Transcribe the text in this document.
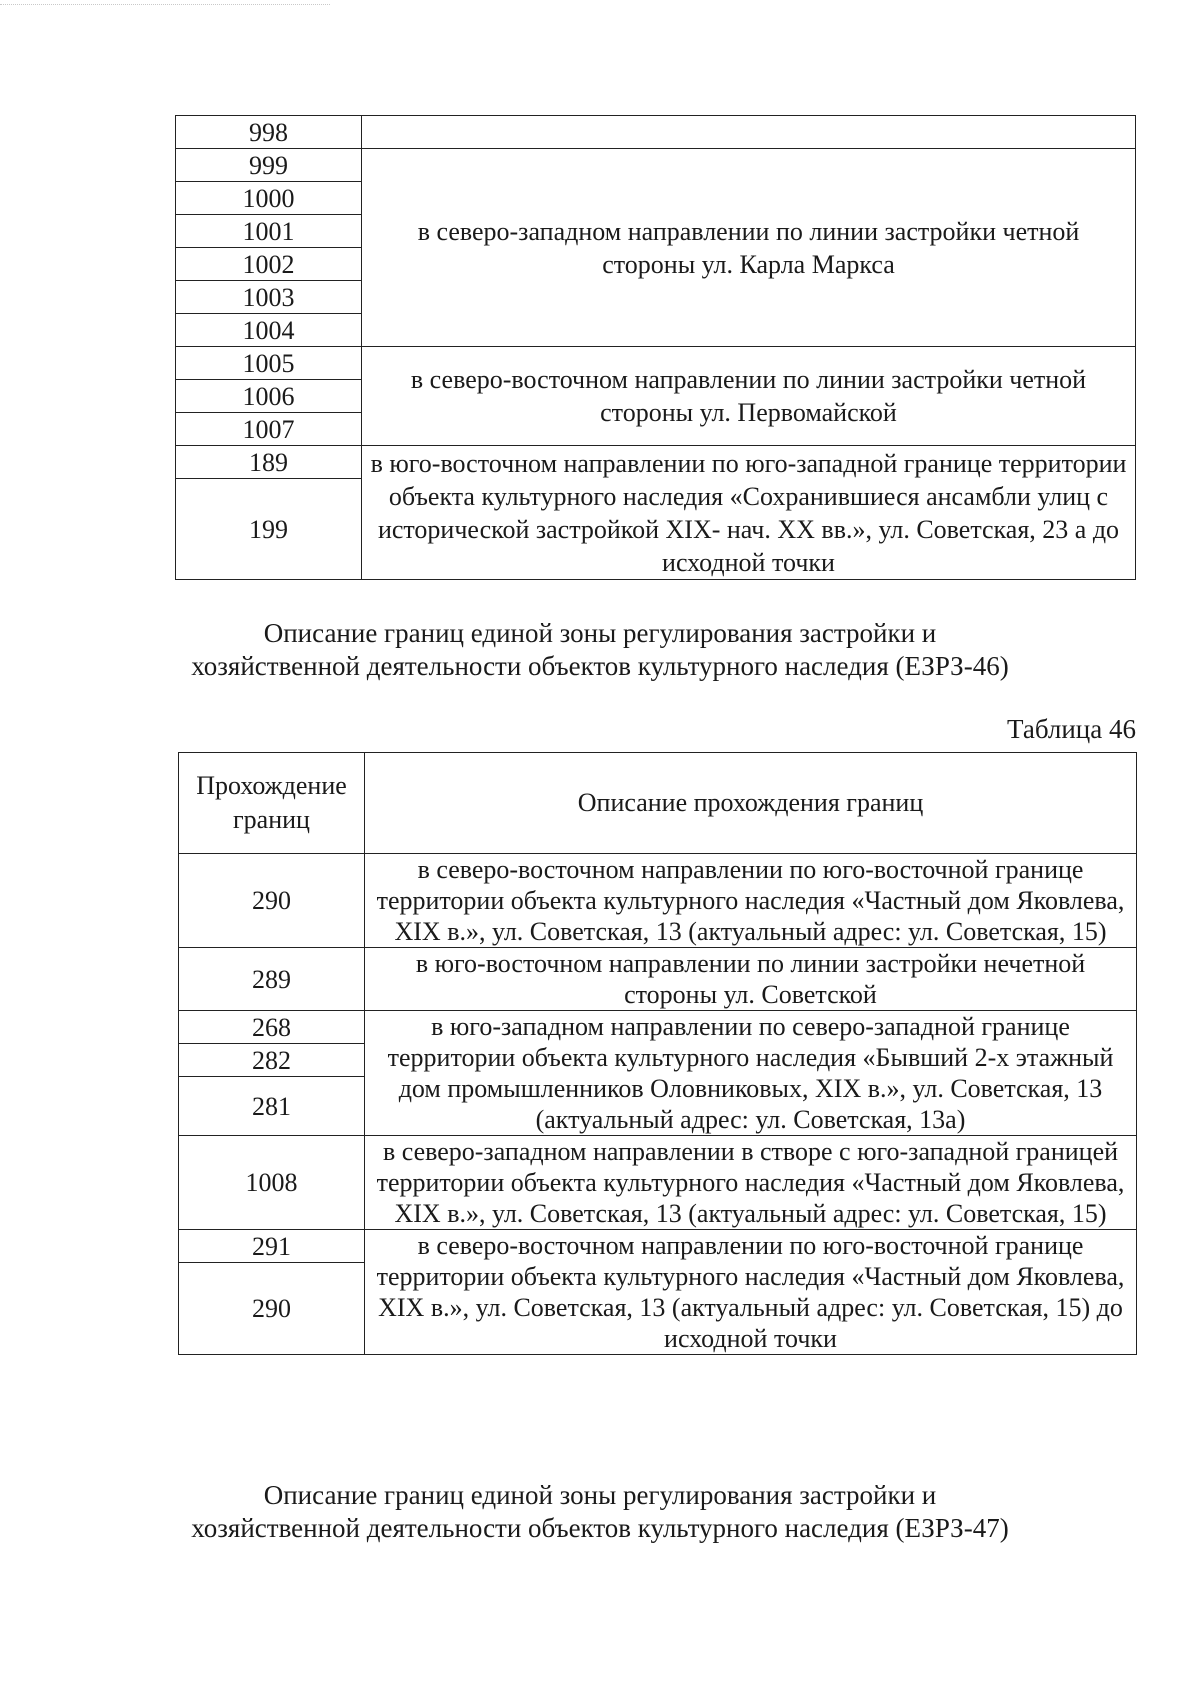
998	
999	в северо-западном направлении по линии застройки четной стороны ул. Карла Маркса
1000	
1001	
1002	
1003	
1004	
1005	в северо-восточном направлении по линии застройки четной стороны ул. Первомайской
1006	
1007	
189	в юго-восточном направлении по юго-западной границе территории объекта культурного наследия «Сохранившиеся ансамбли улиц с исторической застройкой XIX- нач. XX вв.», ул. Советская, 23 а до исходной точки
199	
Описание границ единой зоны регулирования застройки и
хозяйственной деятельности объектов культурного наследия (ЕЗРЗ-46)
Таблица 46
Прохождение
границ	Описание прохождения границ
290	в северо-восточном направлении по юго-восточной границе территории объекта культурного наследия «Частный дом Яковлева, XIX в.», ул. Советская, 13 (актуальный адрес: ул. Советская, 15)
289	в юго-восточном направлении по линии застройки нечетной стороны ул. Советской
268	в юго-западном направлении по северо-западной границе территории объекта культурного наследия «Бывший 2-х этажный дом промышленников Оловниковых, XIX в.», ул. Советская, 13 (актуальный адрес: ул. Советская, 13а)
282	
281	
1008	в северо-западном направлении в створе с юго-западной границей территории объекта культурного наследия «Частный дом Яковлева, XIX в.», ул. Советская, 13 (актуальный адрес: ул. Советская, 15)
291	в северо-восточном направлении по юго-восточной границе территории объекта культурного наследия «Частный дом Яковлева, XIX в.», ул. Советская, 13 (актуальный адрес: ул. Советская, 15) до исходной точки
290	
Описание границ единой зоны регулирования застройки и
хозяйственной деятельности объектов культурного наследия (ЕЗРЗ-47)
